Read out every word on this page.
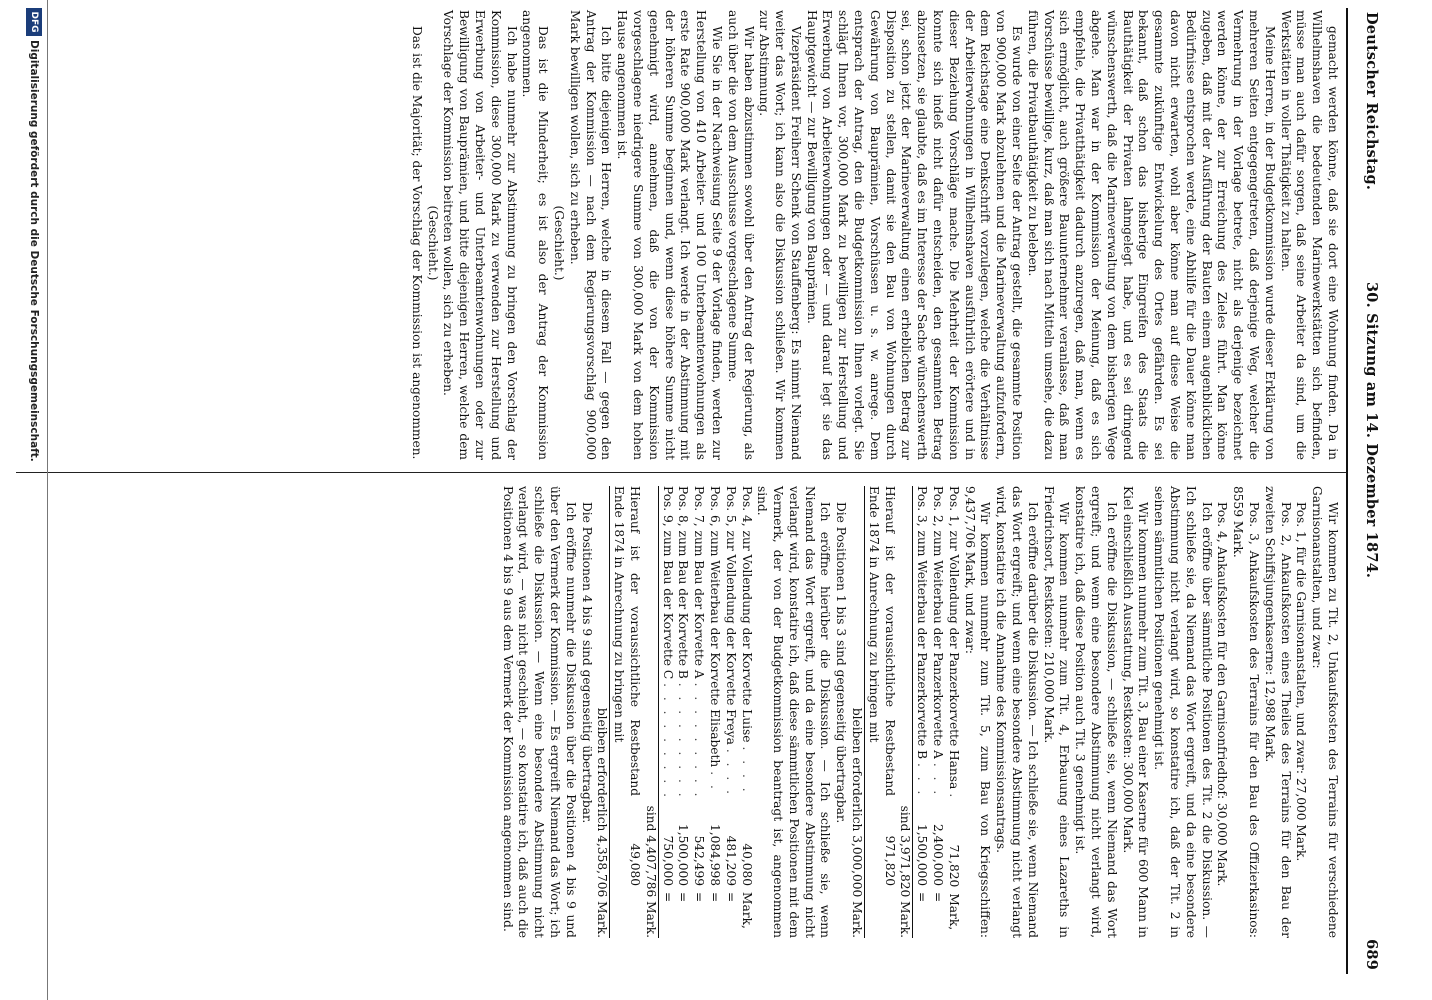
Deutscher Reichstag.
30. Sitzung am 14. Dezember 1874.
689

gemacht werden könne, daß sie dort eine Wohnung finden. Da in Wilhelmshaven die bedeutenden Marinewerkstätten sich befinden, müsse man auch dafür sorgen, daß seine Arbeiter da sind, um die Werkstätten in voller Thätigkeit zu halten.

Meine Herren, in der Budgetkommission wurde dieser Erklärung von mehreren Seiten entgegengetreten, daß derjenige Weg, welcher die Vermehrung in der Vorlage betrete, nicht als derjenige bezeichnet werden könne, der zur Erreichung des Zieles führt. Man könne zugeben, daß mit der Ausführung der Bauten einem augenblicklichen Bedürfnisse entsprochen werde, eine Abhilfe für die Dauer könne man davon nicht erwarten, wohl aber könne man auf diese Weise die gesammte zukünftige Entwickelung des Ortes gefährden. Es sei bekannt, daß schon das bisherige Eingreifen des Staats die Bauthätigkeit der Privaten lahmgelegt habe, und es sei dringend wünschenswerth, daß die Marineverwaltung von dem bisherigen Wege abgehe. Man war in der Kommission der Meinung, daß es sich empfehle, die Privatthätigkeit dadurch anzuregen, daß man, wenn es sich ermöglicht, auch größere Bauunternehmer veranlasse, daß man Vorschüsse bewillige, kurz, daß man sich nach Mitteln umsehe, die dazu führen, die Privatbauthätigkeit zu beleben.

Es wurde von einer Seite der Antrag gestellt, die gesammte Position von 900,000 Mark abzulehnen und die Marineverwaltung aufzufordern, dem Reichstage eine Denkschrift vorzulegen, welche die Verhältnisse der Arbeiterwohnungen in Wilhelmshaven ausführlich erörtere und in dieser Beziehung Vorschläge mache. Die Mehrheit der Kommission konnte sich indeß nicht dafür entscheiden, den gesammten Betrag abzusetzen, sie glaubte, daß es im Interesse der Sache wünschenswerth sei, schon jetzt der Marineverwaltung einen erheblichen Betrag zur Disposition zu stellen, damit sie den Bau von Wohnungen durch Gewährung von Bauprämien, Vorschüssen u. s. w. anrege. Dem entsprach der Antrag, den die Budgetkommission Ihnen vorlegt. Sie schlägt Ihnen vor, 300,000 Mark zu bewilligen zur Herstellung und Erwerbung von Arbeiterwohnungen oder — und darauf legt sie das Hauptgewicht — zur Bewilligung von Bauprämien.

Vizepräsident Freiherr Schenk von Stauffenberg: Es nimmt Niemand weiter das Wort; ich kann also die Diskussion schließen. Wir kommen zur Abstimmung.

Wir haben abzustimmen sowohl über den Antrag der Regierung, als auch über die von dem Ausschusse vorgeschlagene Summe.

Wie Sie in der Nachweisung Seite 9 der Vorlage finden, werden zur Herstellung von 410 Arbeiter- und 100 Unterbeamtenwohnungen als erste Rate 900,000 Mark verlangt. Ich werde in der Abstimmung mit der höheren Summe beginnen und, wenn diese höhere Summe nicht genehmigt wird, annehmen, daß die von der Kommission vorgeschlagene niedrigere Summe von 300,000 Mark von dem hohen Hause angenommen ist.

Ich bitte diejenigen Herren, welche in diesem Fall — gegen den Antrag der Kommission — nach dem Regierungsvorschlag 900,000 Mark bewilligen wollen, sich zu erheben.

(Geschieht.)

Das ist die Minderheit; es ist also der Antrag der Kommission angenommen.

Ich habe nunmehr zur Abstimmung zu bringen den Vorschlag der Kommission, diese 300,000 Mark zu verwenden zur Herstellung und Erwerbung von Arbeiter- und Unterbeamtenwohnungen oder zur Bewilligung von Bauprämien, und bitte diejenigen Herren, welche dem Vorschlage der Kommission beitreten wollen, sich zu erheben.

(Geschieht.)

Das ist die Majorität; der Vorschlag der Kommission ist angenommen.

Wir kommen zu Tit. 2, Unkaufskosten des Terrains für verschiedene Garnisonanstalten, und zwar:

Pos. 1, für die Garnisonanstalten, und zwar: 27,000 Mark.

Pos. 2, Ankaufskosten eines Theiles des Terrains für den Bau der zweiten Schiffsjungenkaserne: 12,988 Mark.

Pos. 3, Ankaufskosten des Terrains für den Bau des Offizierkasinos: 8559 Mark.

Pos. 4, Ankaufskosten für den Garnisonfriedhof: 30,000 Mark.

Ich eröffne über sämmtliche Positionen des Tit. 2 die Diskussion. — Ich schließe sie, da Niemand das Wort ergreift, und da eine besondere Abstimmung nicht verlangt wird, so konstatire ich, daß der Tit. 2 in seinen sämmtlichen Positionen genehmigt ist.

Wir kommen nunmehr zum Tit. 3, Bau einer Kaserne für 600 Mann in Kiel einschließlich Ausstattung, Restkosten: 300,000 Mark.

Ich eröffne die Diskussion, — schließe sie, wenn Niemand das Wort ergreift; und wenn eine besondere Abstimmung nicht verlangt wird, konstatire ich, daß diese Position auch Tit. 3 genehmigt ist.

Wir kommen nunmehr zum Tit. 4, Erbauung eines Lazareths in Friedrichsort, Restkosten: 210,000 Mark.

Ich eröffne darüber die Diskussion. — Ich schließe sie, wenn Niemand das Wort ergreift; und wenn eine besondere Abstimmung nicht verlangt wird, konstatire ich die Annahme des Kommissionsantrags.

Wir kommen nunmehr zum Tit. 5, zum Bau von Kriegsschiffen: 9,437,706 Mark, und zwar:

Pos. 1, zur Vollendung der Panzerkorvette Hansa
. . .
71,820
Mark,
Pos. 2, zum Weiterbau der Panzerkorvette A
. . .
2,400,000
=
Pos. 3, zum Weiterbau der Panzerkorvette B
. . .
1,500,000
=

sind 3,971,820 Mark.

Hierauf ist der voraussichtliche Restbestand Ende 1874 in Anrechnung zu bringen mit
971,820

bleiben erforderlich 3,000,000 Mark.

Die Positionen 1 bis 3 sind gegenseitig übertragbar.

Ich eröffne hierüber die Diskussion. — Ich schließe sie, wenn Niemand das Wort ergreift, und da eine besondere Abstimmung nicht verlangt wird, konstatire ich, daß diese sämmtlichen Positionen mit dem Vermerk, der von der Budgetkommission beantragt ist, angenommen sind.

Pos. 4, zur Vollendung der Korvette Luise
. . .
40,080
Mark,
Pos. 5, zur Vollendung der Korvette Freya
. . .
481,209
=
Pos. 6, zum Weiterbau der Korvette Elisabeth
. . .
1,084,998
=
Pos. 7, zum Bau der Korvette A
. . .
542,499
=
Pos. 8, zum Bau der Korvette B
. . .
1,500,000
=
Pos. 9, zum Bau der Korvette C
. . .
750,000
=

sind 4,407,786 Mark.

Hierauf ist der voraussichtliche Restbestand Ende 1874 in Anrechnung zu bringen mit
49,080

bleiben erforderlich 4,358,706 Mark.

Die Positionen 4 bis 9 sind gegenseitig übertragbar.

Ich eröffne nunmehr die Diskussion über die Positionen 4 bis 9 und über den Vermerk der Kommission. — Es ergreift Niemand das Wort; ich schließe die Diskussion. — Wenn eine besondere Abstimmung nicht verlangt wird, — was nicht geschieht, — so konstatire ich, daß auch die Positionen 4 bis 9 aus dem Vermerk der Kommission angenommen sind.

DFG
Digitalisierung gefördert durch die Deutsche Forschungsgemeinschaft.
